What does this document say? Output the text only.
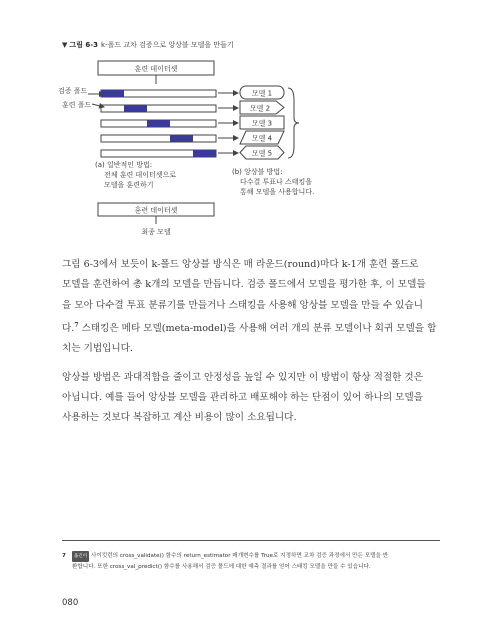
▼ 그림 6-3 k-폴드 교차 검증으로 앙상블 모델을 만들기
훈련 데이터셋
검증 폴드
훈련 폴드
모델 1
모델 2
모델 3
모델 4
모델 5
(a) 일반적인 방법:
전체 훈련 데이터셋으로
모델을 훈련하기
(b) 앙상블 방법:
다수결 투표나 스태킹을
통해 모델을 사용합니다.
훈련 데이터셋
최종 모델

그림 6-3에서 보듯이 k-폴드 앙상블 방식은 매 라운드(round)마다 k-1개 훈련 폴드로
모델을 훈련하여 총 k개의 모델을 만듭니다. 검증 폴드에서 모델을 평가한 후, 이 모델들
을 모아 다수결 투표 분류기를 만들거나 스태킹을 사용해 앙상블 모델을 만들 수 있습니
다.$^7$ 스태킹은 메타 모델(meta-model)을 사용해 여러 개의 분류 모델이나 회귀 모델을 합
치는 기법입니다.

앙상블 방법은 과대적합을 줄이고 안정성을 높일 수 있지만 이 방법이 항상 적절한 것은
아닙니다. 예를 들어 앙상블 모델을 관리하고 배포해야 하는 단점이 있어 하나의 모델을
사용하는 것보다 복잡하고 계산 비용이 많이 소요됩니다.

7	옮긴이 사이킷런의 cross_validate() 함수의 return_estimator 매개변수를 True로 지정하면 교차 검증 과정에서 만든 모델을 반
환합니다. 또한 cross_val_predict() 함수를 사용해서 검증 폴드에 대한 예측 결과를 얻어 스태킹 모델을 만들 수 있습니다.
080
